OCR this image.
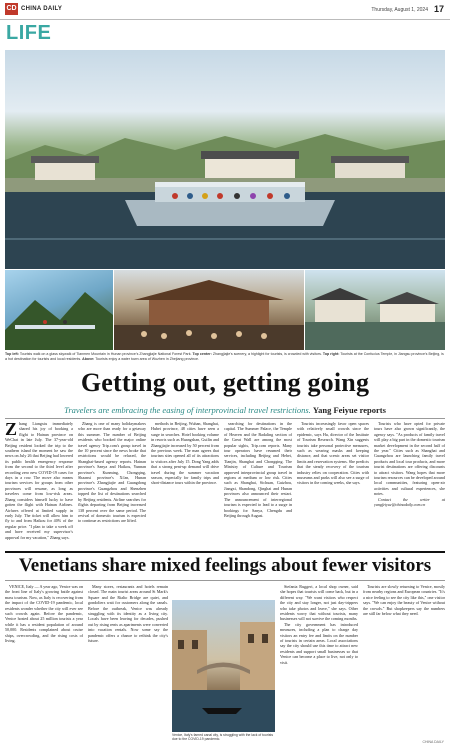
CD CHINA DAILY	Thursday, August 1, 2024 17
LIFE
Top left: Tourists walk on a glass skywalk of Tianmen Mountain in Hunan province's Zhangjiajie National Forest Park. Top center: Zhangjiajie's scenery, a highlight for tourists, is crowded with visitors. Top right: Tourists at the Confucius Temple, in Jiangsu province's Beijing, is a hot destination for tourists and local residents. Above: Tourists enjoy a water town area of Wuzhen in Zhejiang province.
Getting out, getting going
Travelers are embracing the easing of interprovincial travel restrictions. Yang Feiyue reports
Zhang Liangxiu immediately shared his joy of booking a flight to Hainan province on WeChat in late July. The 37-year-old Beijing resident looked the trip to the southern island the moment he saw the news on July 26 that Beijing had lowered its public health emergency response from the second to the third level after recording zero new COVID-19 cases for days in a row. The move also means tourism services for groups from other provinces will resume, as long as travelers come from low-risk areas. Zhang considers himself lucky to have gotten the flight with Hainan Airlines. Airfares offered at limited supply in early July. The ticket will allow him to fly to and from Haikou for 40% of the regular price. "I plan to take a week off and have received my supervisor's approval for my vacation," Zhang says.

Zhang is one of many holidaymakers who are more than ready for a getaway this summer. The number of Beijing residents who booked the major online travel agency Trip.com's group travel in the 10 percent since the news broke that restrictions would be relaxed, the Shanghai-based agency reports. Hainan province's Sanya and Haikou, Yunnan province's Kunming, Chongqing, Shaanxi province's Xi'an, Hunan province's Zhangjiajie and Guangdong province's Guangzhou and Shenzhen topped the list of destinations searched by Beijing residents. Airline searches for flights departing from Beijing increased 138 percent over the same period. The revival of domestic tourism is expected to continue as restrictions are lifted.

methods in Beijing, Wuhan, Shanghai, Hubei province, 48 cities have seen a surge in searches. Hotel booking volume in resorts such as Huangshan, Guilin and Zhangjiajie increased by 50 percent from the previous week. The man agrees that tourism sites opened all of its attractions to visitors after July 15. Dong Yang adds that a strong pent-up demand will drive travel during the summer vacation season, especially for family trips and short-distance tours within the province.

searching for destinations in the capital. The Summer Palace, the Temple of Heaven and the Badaling section of the Great Wall are among the most popular sights, Trip.com reports. Many tour operators have resumed their services, including Beijing and Hebei, Tianjin, Shanghai and Chongqing. The Ministry of Culture and Tourism approved interprovincial group travel in regions at medium or low risk. Cities such as Shanghai, Sichuan, Guizhou, Jiangxi, Shandong, Qinghai and Hunan provinces also announced their restart. The announcement of interregional tourism is expected to lead to a surge in bookings for Sanya, Chengdu and Beijing through August.

Tourists increasingly favor open spaces with relatively small crowds since the epidemic, says Hu, director of the Institute of Tourism Research. Wang Xin suggests tourists take personal protective measures, such as wearing masks and keeping distance, and that scenic areas set visitor limits and reservation systems. She predicts that the steady recovery of the tourism industry relies on cooperation. Cities with museums and parks will also see a surge of visitors in the coming weeks, she says.

Tourists who have opted for private tours have also grown significantly, the agency says. "As products of family travel will play a big part in the domestic tourism market development in the second half of the year." Cities such as Shanghai and Guangzhou are launching family travel products and local tour products, and more tourist destinations are offering discounts to attract visitors. Wang hopes that more tourism resources can be developed around local communities, featuring open-air activities and cultural experiences, she notes.

Contact the writer at yangfeiyue@chinadaily.com.cn

Venetians share mixed feelings about fewer visitors

VENICE, Italy — A year ago, Venice was on the front line of Italy's growing battle against mass tourism. Now, as Italy is recovering from the impact of the COVID-19 pandemic, local residents wonder whether the city will ever see such crowds again. Before the pandemic, Venice hosted about 25 million tourists a year while it has a resident population of around 50,000. Residents complained about cruise ships, overcrowding, and the rising costs of living.

Many stores, restaurants and hotels remain closed. The main tourist areas around St Mark's Square and the Rialto Bridge are quiet, and gondoliers wait for customers along the canals. Before the outbreak, Venice was already struggling with its identity as a living city. Locals have been leaving for decades, pushed out by rising rents as apartments were converted into vacation rentals. Now some say the pandemic offers a chance to rethink the city's future.

Venice, Italy's famed canal city, is struggling with the lack of tourists due to the COVID-19 pandemic.

Stefania Ruggeri, a local shop owner, said she hopes that tourists will come back, but in a different way. "We want visitors who respect the city and stay longer, not just day-trippers who take photos and leave," she says. Other residents worry that without tourists, many businesses will not survive the coming months.

The city government has introduced measures, including a plan to charge day visitors an entry fee and limits on the number of tourists in certain areas. Local associations say the city should use this time to attract new residents and support small businesses so that Venice can become a place to live, not only to visit.

Tourists are slowly returning to Venice, mostly from nearby regions and European countries. "It's a nice feeling to see the city like this," one visitor says. "We can enjoy the beauty of Venice without the crowds." But shopkeepers say the numbers are still far below what they need.

CHINA DAILY
